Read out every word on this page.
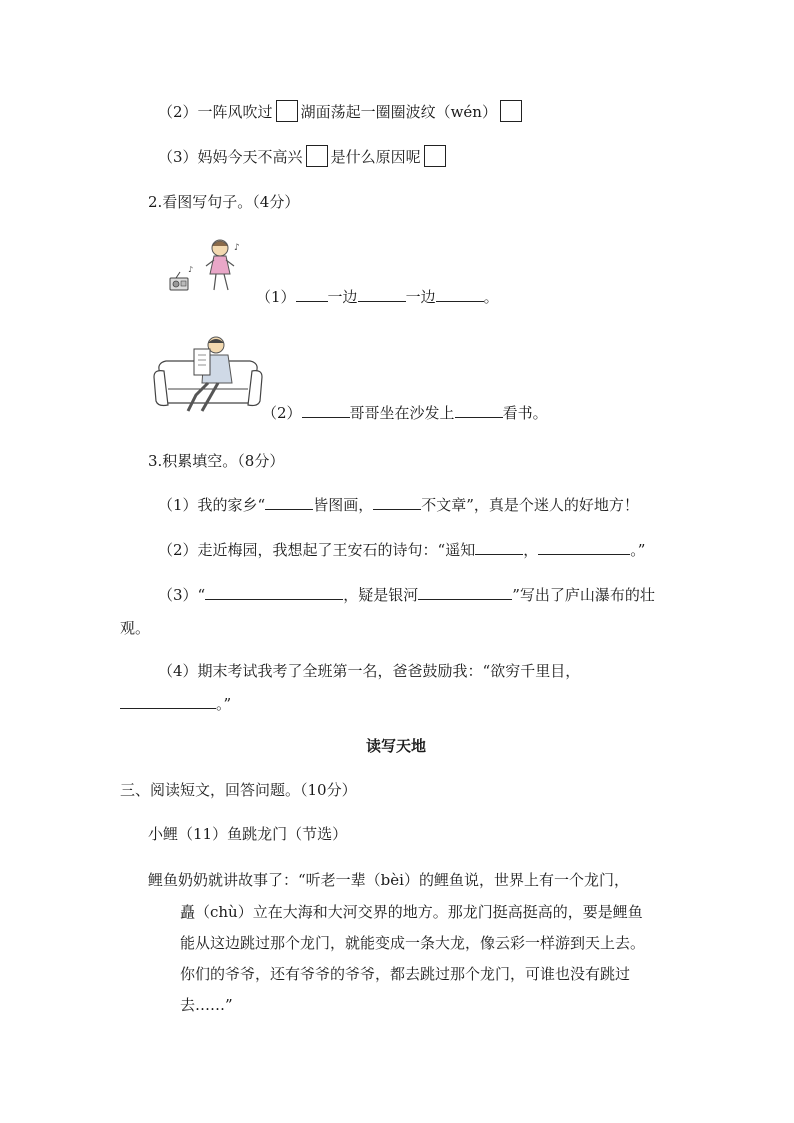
（2）一阵风吹过 湖面荡起一圈圈波纹（wén）
（3）妈妈今天不高兴 是什么原因呢
2.看图写句子。（4分）
♪
♪
（1） 一边	一边	。
（2）	哥哥坐在沙发上	看书。
3.积累填空。（8分）
（1）我的家乡“	皆图画，	不文章”，真是个迷人的好地方！
（2）走近梅园，我想起了王安石的诗句：“遥知	，	。”
（3）“	，疑是银河	”写出了庐山瀑布的壮
观。
（4）期末考试我考了全班第一名，爸爸鼓励我：“欲穷千里目，
。”
读写天地
三、阅读短文，回答问题。（10分）
小鲤（11）鱼跳龙门（节选）
鲤鱼奶奶就讲故事了：“听老一辈（bèi）的鲤鱼说，世界上有一个龙门，
矗（chù）立在大海和大河交界的地方。那龙门挺高挺高的，要是鲤鱼
能从这边跳过那个龙门，就能变成一条大龙，像云彩一样游到天上去。
你们的爷爷，还有爷爷的爷爷，都去跳过那个龙门，可谁也没有跳过
去……”
